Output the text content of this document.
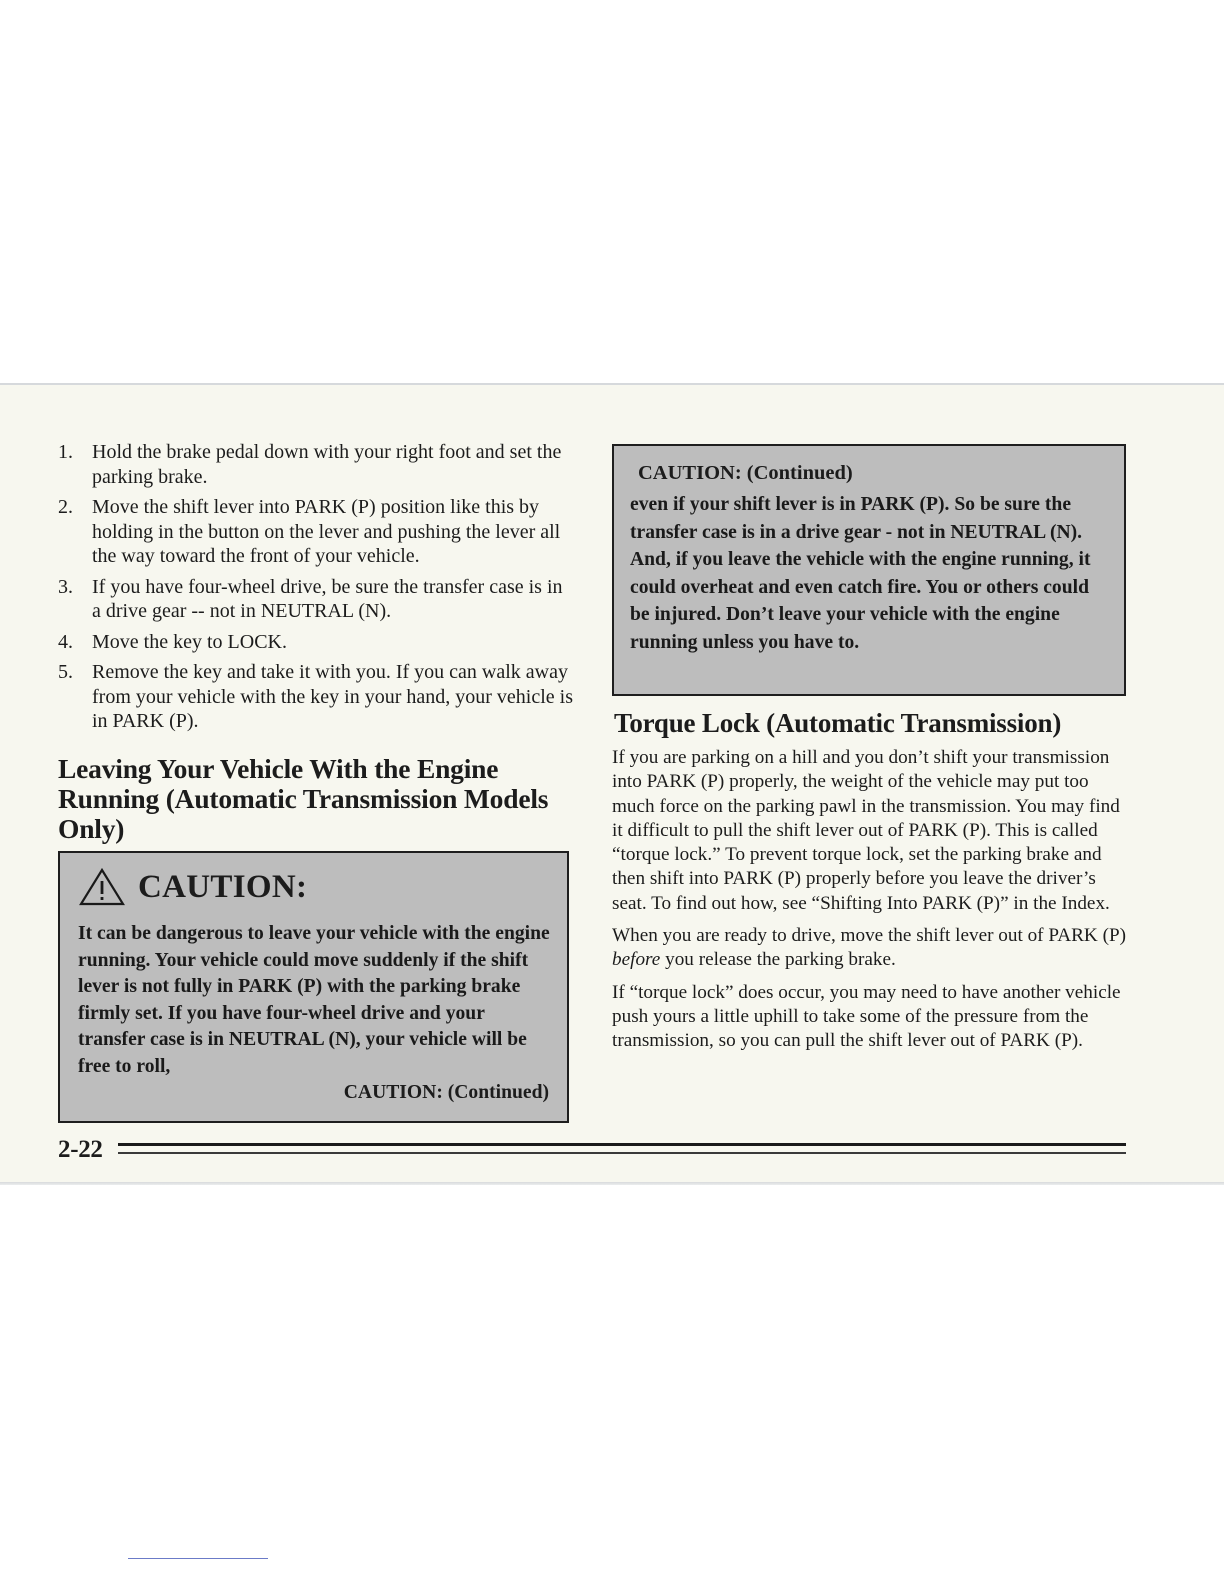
1. Hold the brake pedal down with your right foot and set the parking brake.
2. Move the shift lever into PARK (P) position like this by holding in the button on the lever and pushing the lever all the way toward the front of your vehicle.
3. If you have four-wheel drive, be sure the transfer case is in a drive gear -- not in NEUTRAL (N).
4. Move the key to LOCK.
5. Remove the key and take it with you. If you can walk away from your vehicle with the key in your hand, your vehicle is in PARK (P).
Leaving Your Vehicle With the Engine Running (Automatic Transmission Models Only)
CAUTION:

It can be dangerous to leave your vehicle with the engine running. Your vehicle could move suddenly if the shift lever is not fully in PARK (P) with the parking brake firmly set. If you have four-wheel drive and your transfer case is in NEUTRAL (N), your vehicle will be free to roll,

CAUTION: (Continued)
CAUTION: (Continued)

even if your shift lever is in PARK (P). So be sure the transfer case is in a drive gear - not in NEUTRAL (N). And, if you leave the vehicle with the engine running, it could overheat and even catch fire. You or others could be injured. Don’t leave your vehicle with the engine running unless you have to.

Torque Lock (Automatic Transmission)

If you are parking on a hill and you don’t shift your transmission into PARK (P) properly, the weight of the vehicle may put too much force on the parking pawl in the transmission. You may find it difficult to pull the shift lever out of PARK (P). This is called “torque lock.” To prevent torque lock, set the parking brake and then shift into PARK (P) properly before you leave the driver’s seat. To find out how, see “Shifting Into PARK (P)” in the Index.

When you are ready to drive, move the shift lever out of PARK (P) before you release the parking brake.

If “torque lock” does occur, you may need to have another vehicle push yours a little uphill to take some of the pressure from the transmission, so you can pull the shift lever out of PARK (P).

2-22
